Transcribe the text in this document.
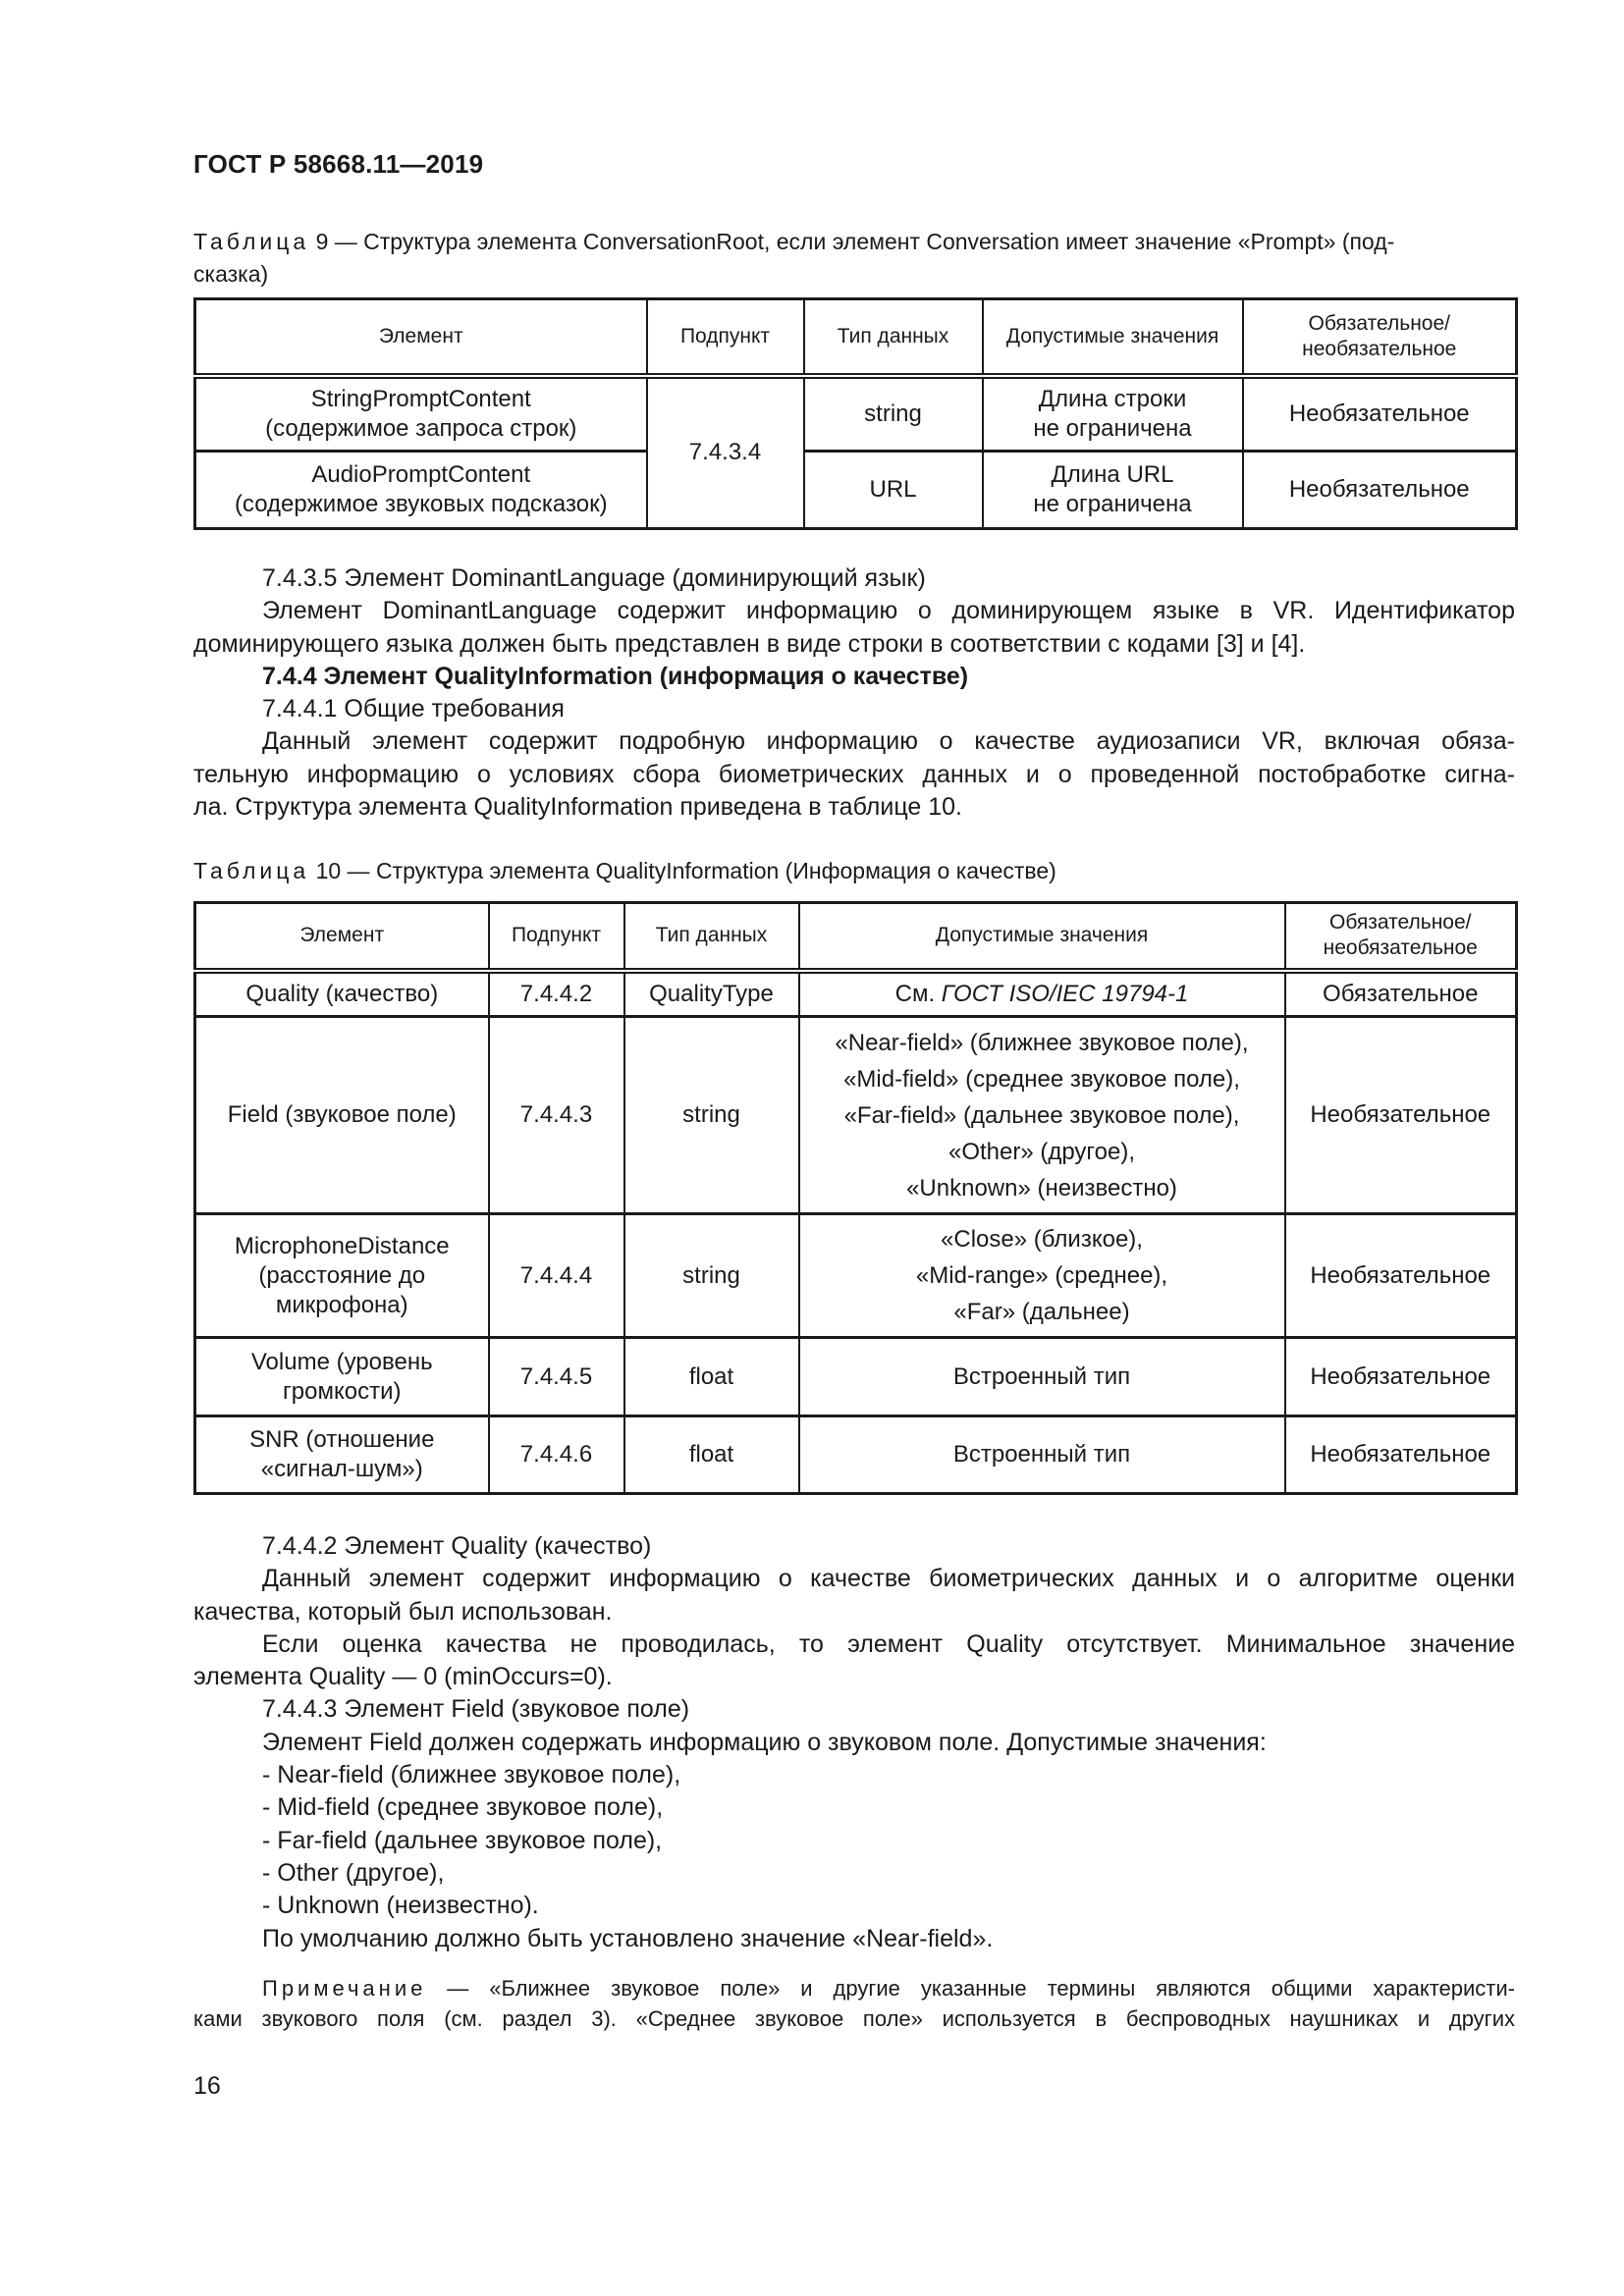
ГОСТ Р 58668.11—2019
Таблица 9 — Структура элемента ConversationRoot, если элемент Conversation имеет значение «Prompt» (под-
сказка)
Элемент	Подпункт	Тип данных	Допустимые значения	Обязательное/
необязательное

StringPromptContent
(содержимое запроса строк)	7.4.3.4	string	Длина строки
не ограничена	Необязательное

AudioPromptContent
(содержимое звуковых подсказок)		URL	Длина URL
не ограничена	Необязательное
7.4.3.5 Элемент DominantLanguage (доминирующий язык)
Элемент DominantLanguage содержит информацию о доминирующем языке в VR. Идентификатор
доминирующего языка должен быть представлен в виде строки в соответствии с кодами [3] и [4].
7.4.4 Элемент QualityInformation (информация о качестве)
7.4.4.1 Общие требования
Данный элемент содержит подробную информацию о качестве аудиозаписи VR, включая обяза-
тельную информацию о условиях сбора биометрических данных и о проведенной постобработке сигна-
ла. Структура элемента QualityInformation приведена в таблице 10.
Таблица 10 — Структура элемента QualityInformation (Информация о качестве)
Элемент	Подпункт	Тип данных	Допустимые значения	Обязательное/
необязательное

Quality (качество)	7.4.4.2	QualityType	См. ГОСТ ISO/IEC 19794-1	Обязательное
Field (звуковое поле)	7.4.4.3	string	«Near-field» (ближнее звуковое поле),
«Mid-field» (среднее звуковое поле),
«Far-field» (дальнее звуковое поле),
«Other» (другое),
«Unknown» (неизвестно)	Необязательное

MicrophoneDistance
(расстояние до
микрофона)	7.4.4.4	string	«Close» (близкое),
«Mid-range» (среднее),
«Far» (дальнее)	Необязательное

Volume (уровень
громкости)	7.4.4.5	float	Встроенный тип	Необязательное

SNR (отношение
«сигнал-шум»)	7.4.4.6	float	Встроенный тип	Необязательное
7.4.4.2 Элемент Quality (качество)
Данный элемент содержит информацию о качестве биометрических данных и о алгоритме оценки
качества, который был использован.
Если оценка качества не проводилась, то элемент Quality отсутствует. Минимальное значение
элемента Quality — 0 (minOccurs=0).
7.4.4.3 Элемент Field (звуковое поле)
Элемент Field должен содержать информацию о звуковом поле. Допустимые значения:
- Near-field (ближнее звуковое поле),
- Mid-field (среднее звуковое поле),
- Far-field (дальнее звуковое поле),
- Other (другое),
- Unknown (неизвестно).
По умолчанию должно быть установлено значение «Near-field».
Примечание — «Ближнее звуковое поле» и другие указанные термины являются общими характеристи-
ками звукового поля (см. раздел 3). «Среднее звуковое поле» используется в беспроводных наушниках и других
16
